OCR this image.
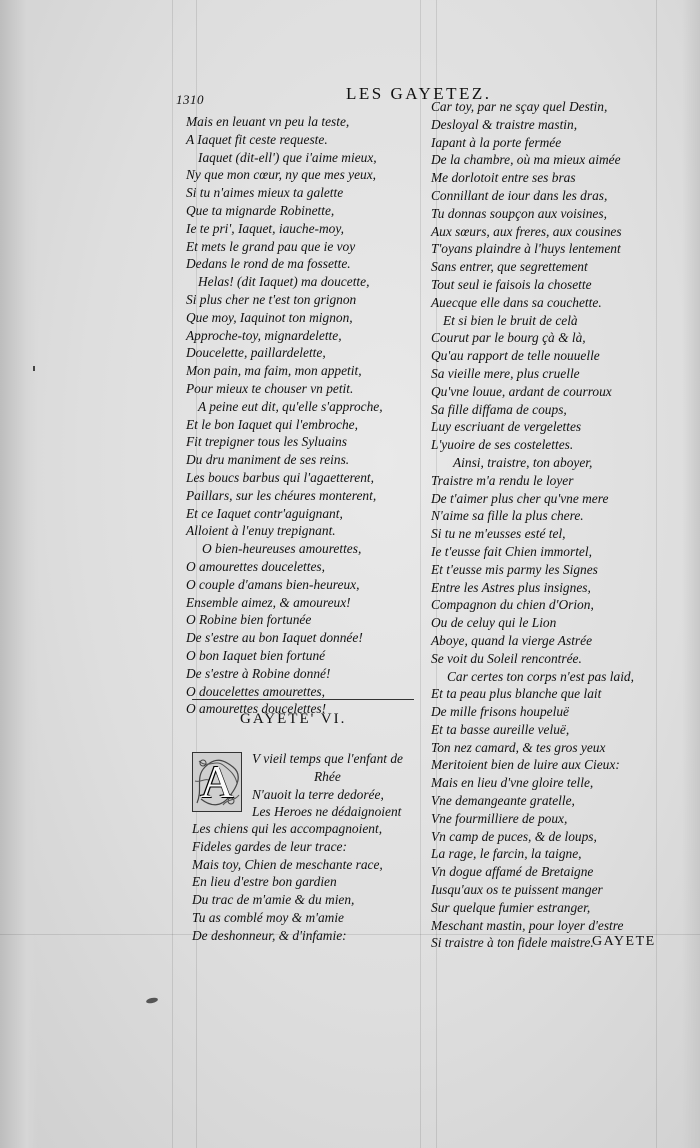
1310	LES GAYETEZ.
Mais en leuant vn peu la teste,
A Iaquet fit ceste requeste.
Iaquet (dit-ell') que i'aime mieux,
Ny que mon cœur, ny que mes yeux,
Si tu n'aimes mieux ta galette
Que ta mignarde Robinette,
Ie te pri', Iaquet, iauche-moy,
Et mets le grand pau que ie voy
Dedans le rond de ma fossette.
Helas! (dit Iaquet) ma doucette,
Si plus cher ne t'est ton grignon
Que moy, Iaquinot ton mignon,
Approche-toy, mignardelette,
Doucelette, paillardelette,
Mon pain, ma faim, mon appetit,
Pour mieux te chouser vn petit.
A peine eut dit, qu'elle s'approche,
Et le bon Iaquet qui l'embroche,
Fit trepigner tous les Syluains
Du dru maniment de ses reins.
Les boucs barbus qui l'agaetterent,
Paillars, sur les chéures monterent,
Et ce Iaquet contr'aguignant,
Alloient à l'enuy trepignant.
O bien-heureuses amourettes,
O amourettes doucelettes,
O couple d'amans bien-heureux,
Ensemble aimez, & amoureux!
O Robine bien fortunée
De s'estre au bon Iaquet donnée!
O bon Iaquet bien fortuné
De s'estre à Robine donné!
O doucelettes amourettes,
O amourettes doucelettes!
GAYETE' VI.
A	V vieil temps que l'enfant de
Rhée
N'auoit la terre dedorée,
Les Heroes ne dédaignoient
Les chiens qui les accompagnoient,
Fideles gardes de leur trace:
Mais toy, Chien de meschante race,
En lieu d'estre bon gardien
Du trac de m'amie & du mien,
Tu as comblé moy & m'amie
De deshonneur, & d'infamie:
Car toy, par ne sçay quel Destin,
Desloyal & traistre mastin,
Iapant à la porte fermée
De la chambre, où ma mieux aimée
Me dorlotoit entre ses bras
Connillant de iour dans les dras,
Tu donnas soupçon aux voisines,
Aux sœurs, aux freres, aux cousines
T'oyans plaindre à l'huys lentement
Sans entrer, que segrettement
Tout seul ie faisois la chosette
Auecque elle dans sa couchette.
Et si bien le bruit de celà
Courut par le bourg çà & là,
Qu'au rapport de telle nouuelle
Sa vieille mere, plus cruelle
Qu'vne louue, ardant de courroux
Sa fille diffama de coups,
Luy escriuant de vergelettes
L'yuoire de ses costelettes.
Ainsi, traistre, ton aboyer,
Traistre m'a rendu le loyer
De t'aimer plus cher qu'vne mere
N'aime sa fille la plus chere.
Si tu ne m'eusses esté tel,
Ie t'eusse fait Chien immortel,
Et t'eusse mis parmy les Signes
Entre les Astres plus insignes,
Compagnon du chien d'Orion,
Ou de celuy qui le Lion
Aboye, quand la vierge Astrée
Se voit du Soleil rencontrée.
Car certes ton corps n'est pas laid,
Et ta peau plus blanche que lait
De mille frisons houpeluë
Et ta basse aureille veluë,
Ton nez camard, & tes gros yeux
Meritoient bien de luire aux Cieux:
Mais en lieu d'vne gloire telle,
Vne demangeante gratelle,
Vne fourmilliere de poux,
Vn camp de puces, & de loups,
La rage, le farcin, la taigne,
Vn dogue affamé de Bretaigne
Iusqu'aux os te puissent manger
Sur quelque fumier estranger,
Meschant mastin, pour loyer d'estre
Si traistre à ton fidele maistre.
GAYETE
